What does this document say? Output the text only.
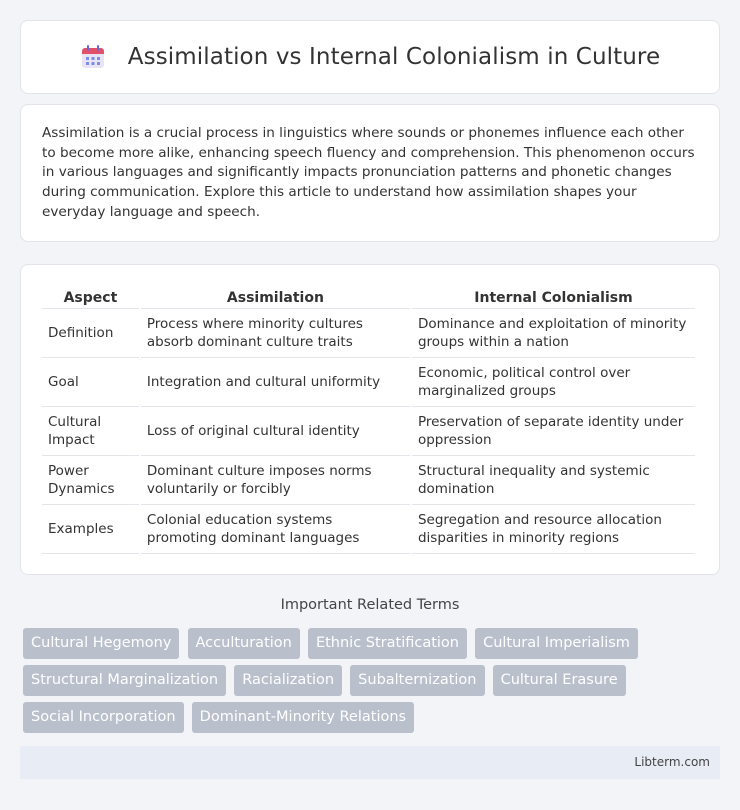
Assimilation vs Internal Colonialism in Culture

Assimilation is a crucial process in linguistics where sounds or phonemes influence each other to become more alike, enhancing speech fluency and comprehension. This phenomenon occurs in various languages and significantly impacts pronunciation patterns and phonetic changes during communication. Explore this article to understand how assimilation shapes your everyday language and speech.

Aspect	Assimilation	Internal Colonialism
Definition	Process where minority cultures absorb dominant culture traits	Dominance and exploitation of minority groups within a nation
Goal	Integration and cultural uniformity	Economic, political control over marginalized groups
Cultural Impact	Loss of original cultural identity	Preservation of separate identity under oppression
Power Dynamics	Dominant culture imposes norms voluntarily or forcibly	Structural inequality and systemic domination
Examples	Colonial education systems promoting dominant languages	Segregation and resource allocation disparities in minority regions
Important Related Terms
Cultural Hegemony Acculturation Ethnic Stratification Cultural Imperialism Structural Marginalization Racialization Subalternization Cultural Erasure Social Incorporation Dominant-Minority Relations
Libterm.com
